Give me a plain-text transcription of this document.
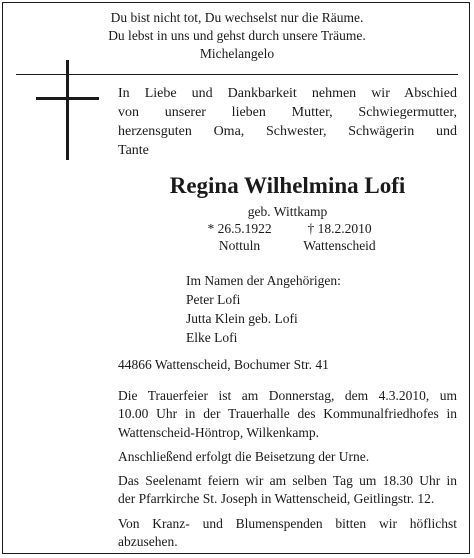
Du bist nicht tot, Du wechselst nur die Räume.
Du lebst in uns und gehst durch unsere Träume.
Michelangelo
In Liebe und Dankbarkeit nehmen wir Abschied
von unserer lieben Mutter, Schwiegermutter,
herzensguten Oma, Schwester, Schwägerin und
Tante
Regina Wilhelmina Lofi
geb. Wittkamp
* 26.5.1922	† 18.2.2010
Nottuln	Wattenscheid
Im Namen der Angehörigen:
Peter Lofi
Jutta Klein geb. Lofi
Elke Lofi
44866 Wattenscheid, Bochumer Str. 41
Die Trauerfeier ist am Donnerstag, dem 4.3.2010, um
10.00 Uhr in der Trauerhalle des Kommunalfriedhofes in
Wattenscheid-Höntrop, Wilkenkamp.
Anschließend erfolgt die Beisetzung der Urne.
Das Seelenamt feiern wir am selben Tag um 18.30 Uhr in
der Pfarrkirche St. Joseph in Wattenscheid, Geitlingstr. 12.
Von Kranz- und Blumenspenden bitten wir höflichst
abzusehen.
